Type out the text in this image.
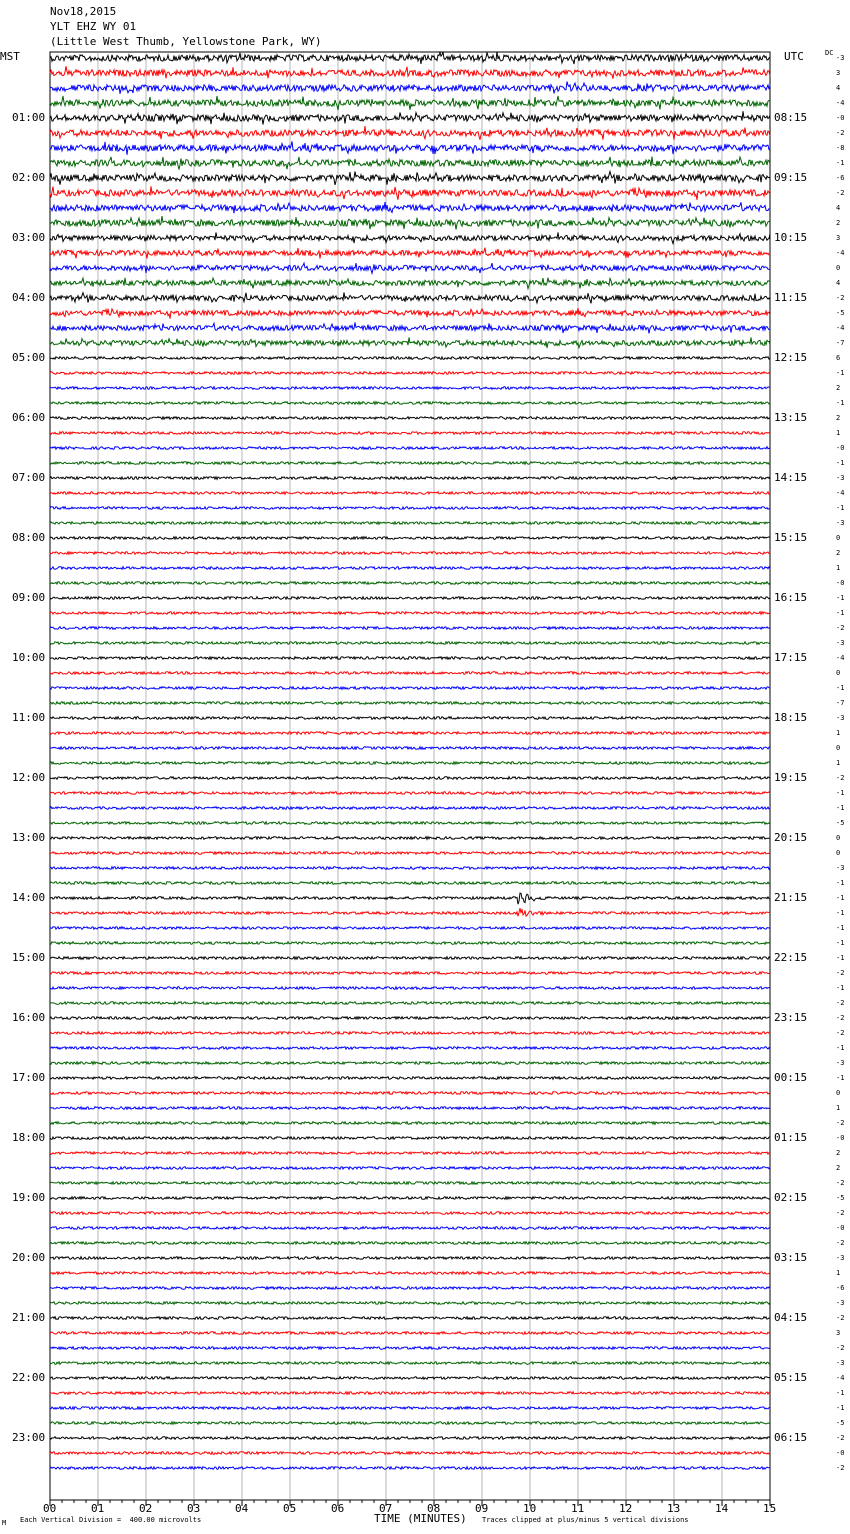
Nov18,2015
YLT EHZ WY 01
(Little West Thumb, Yellowstone Park, WY)
MST	UTC	DC
01:00
02:00
03:00
04:00
05:00
06:00
07:00
08:00
09:00
10:00
11:00
12:00
13:00
14:00
15:00
16:00
17:00
18:00
19:00
20:00
21:00
22:00
23:00
08:15
09:15
10:15
11:15
12:15
13:15
14:15
15:15
16:15
17:15
18:15
19:15
20:15
21:15
22:15
23:15
00:15
01:15
02:15
03:15
04:15
05:15
06:15
-3
3
4
-4
-0
-2
-8
-1
-6
-2
4
2
3
-4
0
4
-2
-5
-4
-7
6
-1
2
-1
2
1
-0
-1
-3
-4
-1
-3
0
2
1
-0
-1
-1
-2
-3
-4
0
-1
-7
-3
1
0
1
-2
-1
-1
-5
0
0
-3
-1
-1
-1
-1
-1
-1
-2
-1
-2
-2
-2
-1
-3
-1
0
1
-2
-0
2
2
-2
-5
-2
-0
-2
-3
1
-6
-3
-2
3
-2
-3
-4
-1
-1
-5
-2
-0
-2
00	01	02	03	04	05	06	07	08	09	10	11	12	13	14	15
M Each Vertical Division =  400.00 microvolts	TIME (MINUTES) Traces clipped at plus/minus 5 vertical divisions
